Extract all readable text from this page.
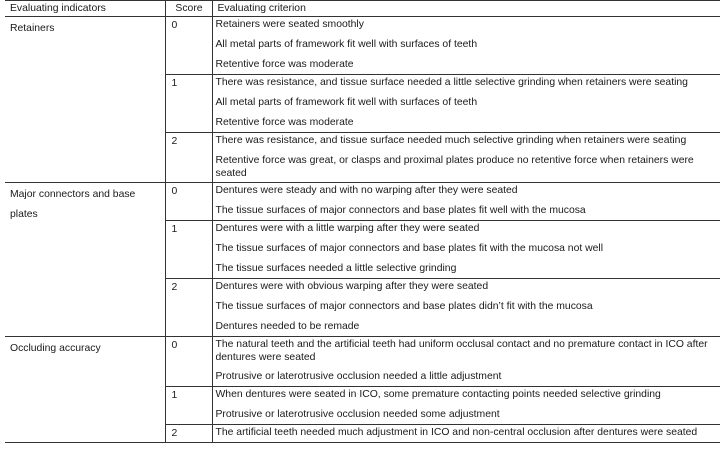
Evaluating indicators	Score	Evaluating criterion
Retainers	0	Retainers were seated smoothly
All metal parts of framework fit well with surfaces of teeth
Retentive force was moderate

	1	There was resistance, and tissue surface needed a little selective grinding when retainers were seating
All metal parts of framework fit well with surfaces of teeth
Retentive force was moderate

	2	There was resistance, and tissue surface needed much selective grinding when retainers were seating
Retentive force was great, or clasps and proximal plates produce no retentive force when retainers were seated

Major connectors and base plates	0	Dentures were steady and with no warping after they were seated
The tissue surfaces of major connectors and base plates fit well with the mucosa

	1	Dentures were with a little warping after they were seated
The tissue surfaces of major connectors and base plates fit with the mucosa not well
The tissue surfaces needed a little selective grinding

	2	Dentures were with obvious warping after they were seated
The tissue surfaces of major connectors and base plates didn’t fit with the mucosa
Dentures needed to be remade

Occluding accuracy	0	The natural teeth and the artificial teeth had uniform occlusal contact and no premature contact in ICO after dentures were seated
Protrusive or laterotrusive occlusion needed a little adjustment

	1	When dentures were seated in ICO, some premature contacting points needed selective grinding
Protrusive or laterotrusive occlusion needed some adjustment

	2	The artificial teeth needed much adjustment in ICO and non-central occlusion after dentures were seated
